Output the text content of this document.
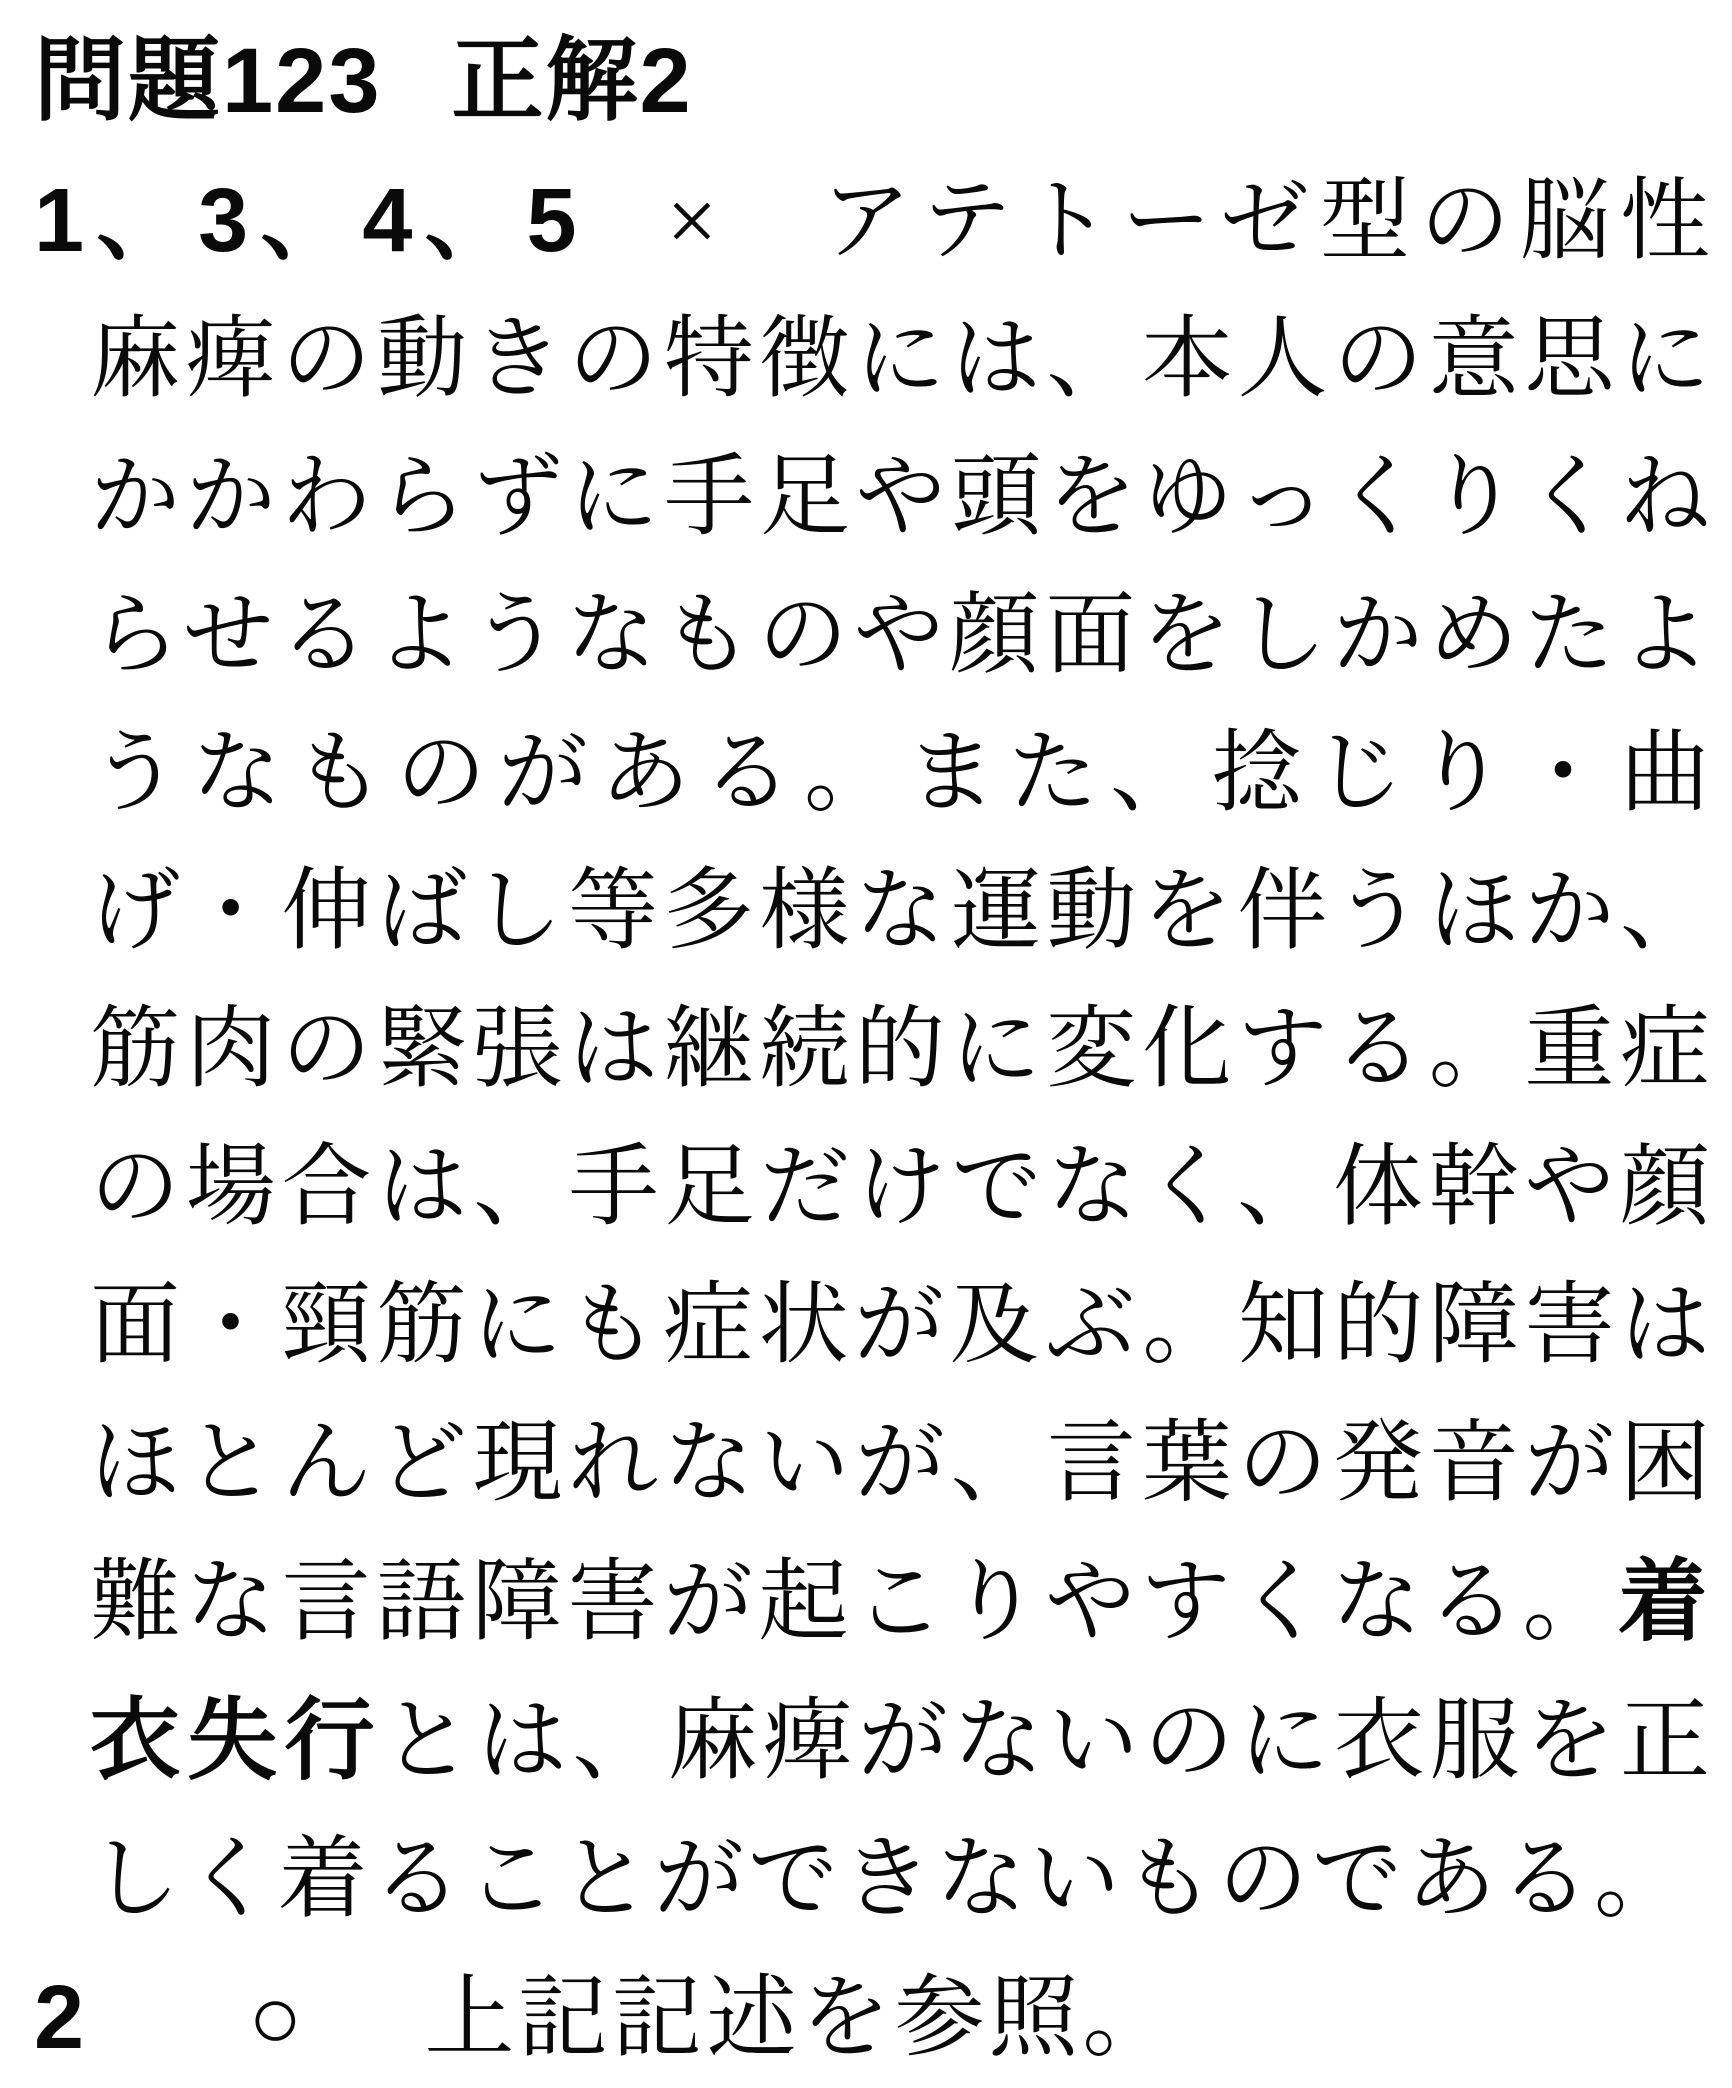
問題123 正解2

1、3、4、5 × アテトーゼ型の脳性麻痺の動きの特徴には、本人の意思にかかわらずに手足や頭をゆっくりくねらせるようなものや顔面をしかめたようなものがある。また、捻じり・曲げ・伸ばし等多様な運動を伴うほか、筋肉の緊張は継続的に変化する。重症の場合は、手足だけでなく、体幹や顔面・頸筋にも症状が及ぶ。知的障害はほとんど現れないが、言葉の発音が困難な言語障害が起こりやすくなる。着衣失行とは、麻痺がないのに衣服を正しく着ることができないものである。

2 ○ 上記記述を参照。
